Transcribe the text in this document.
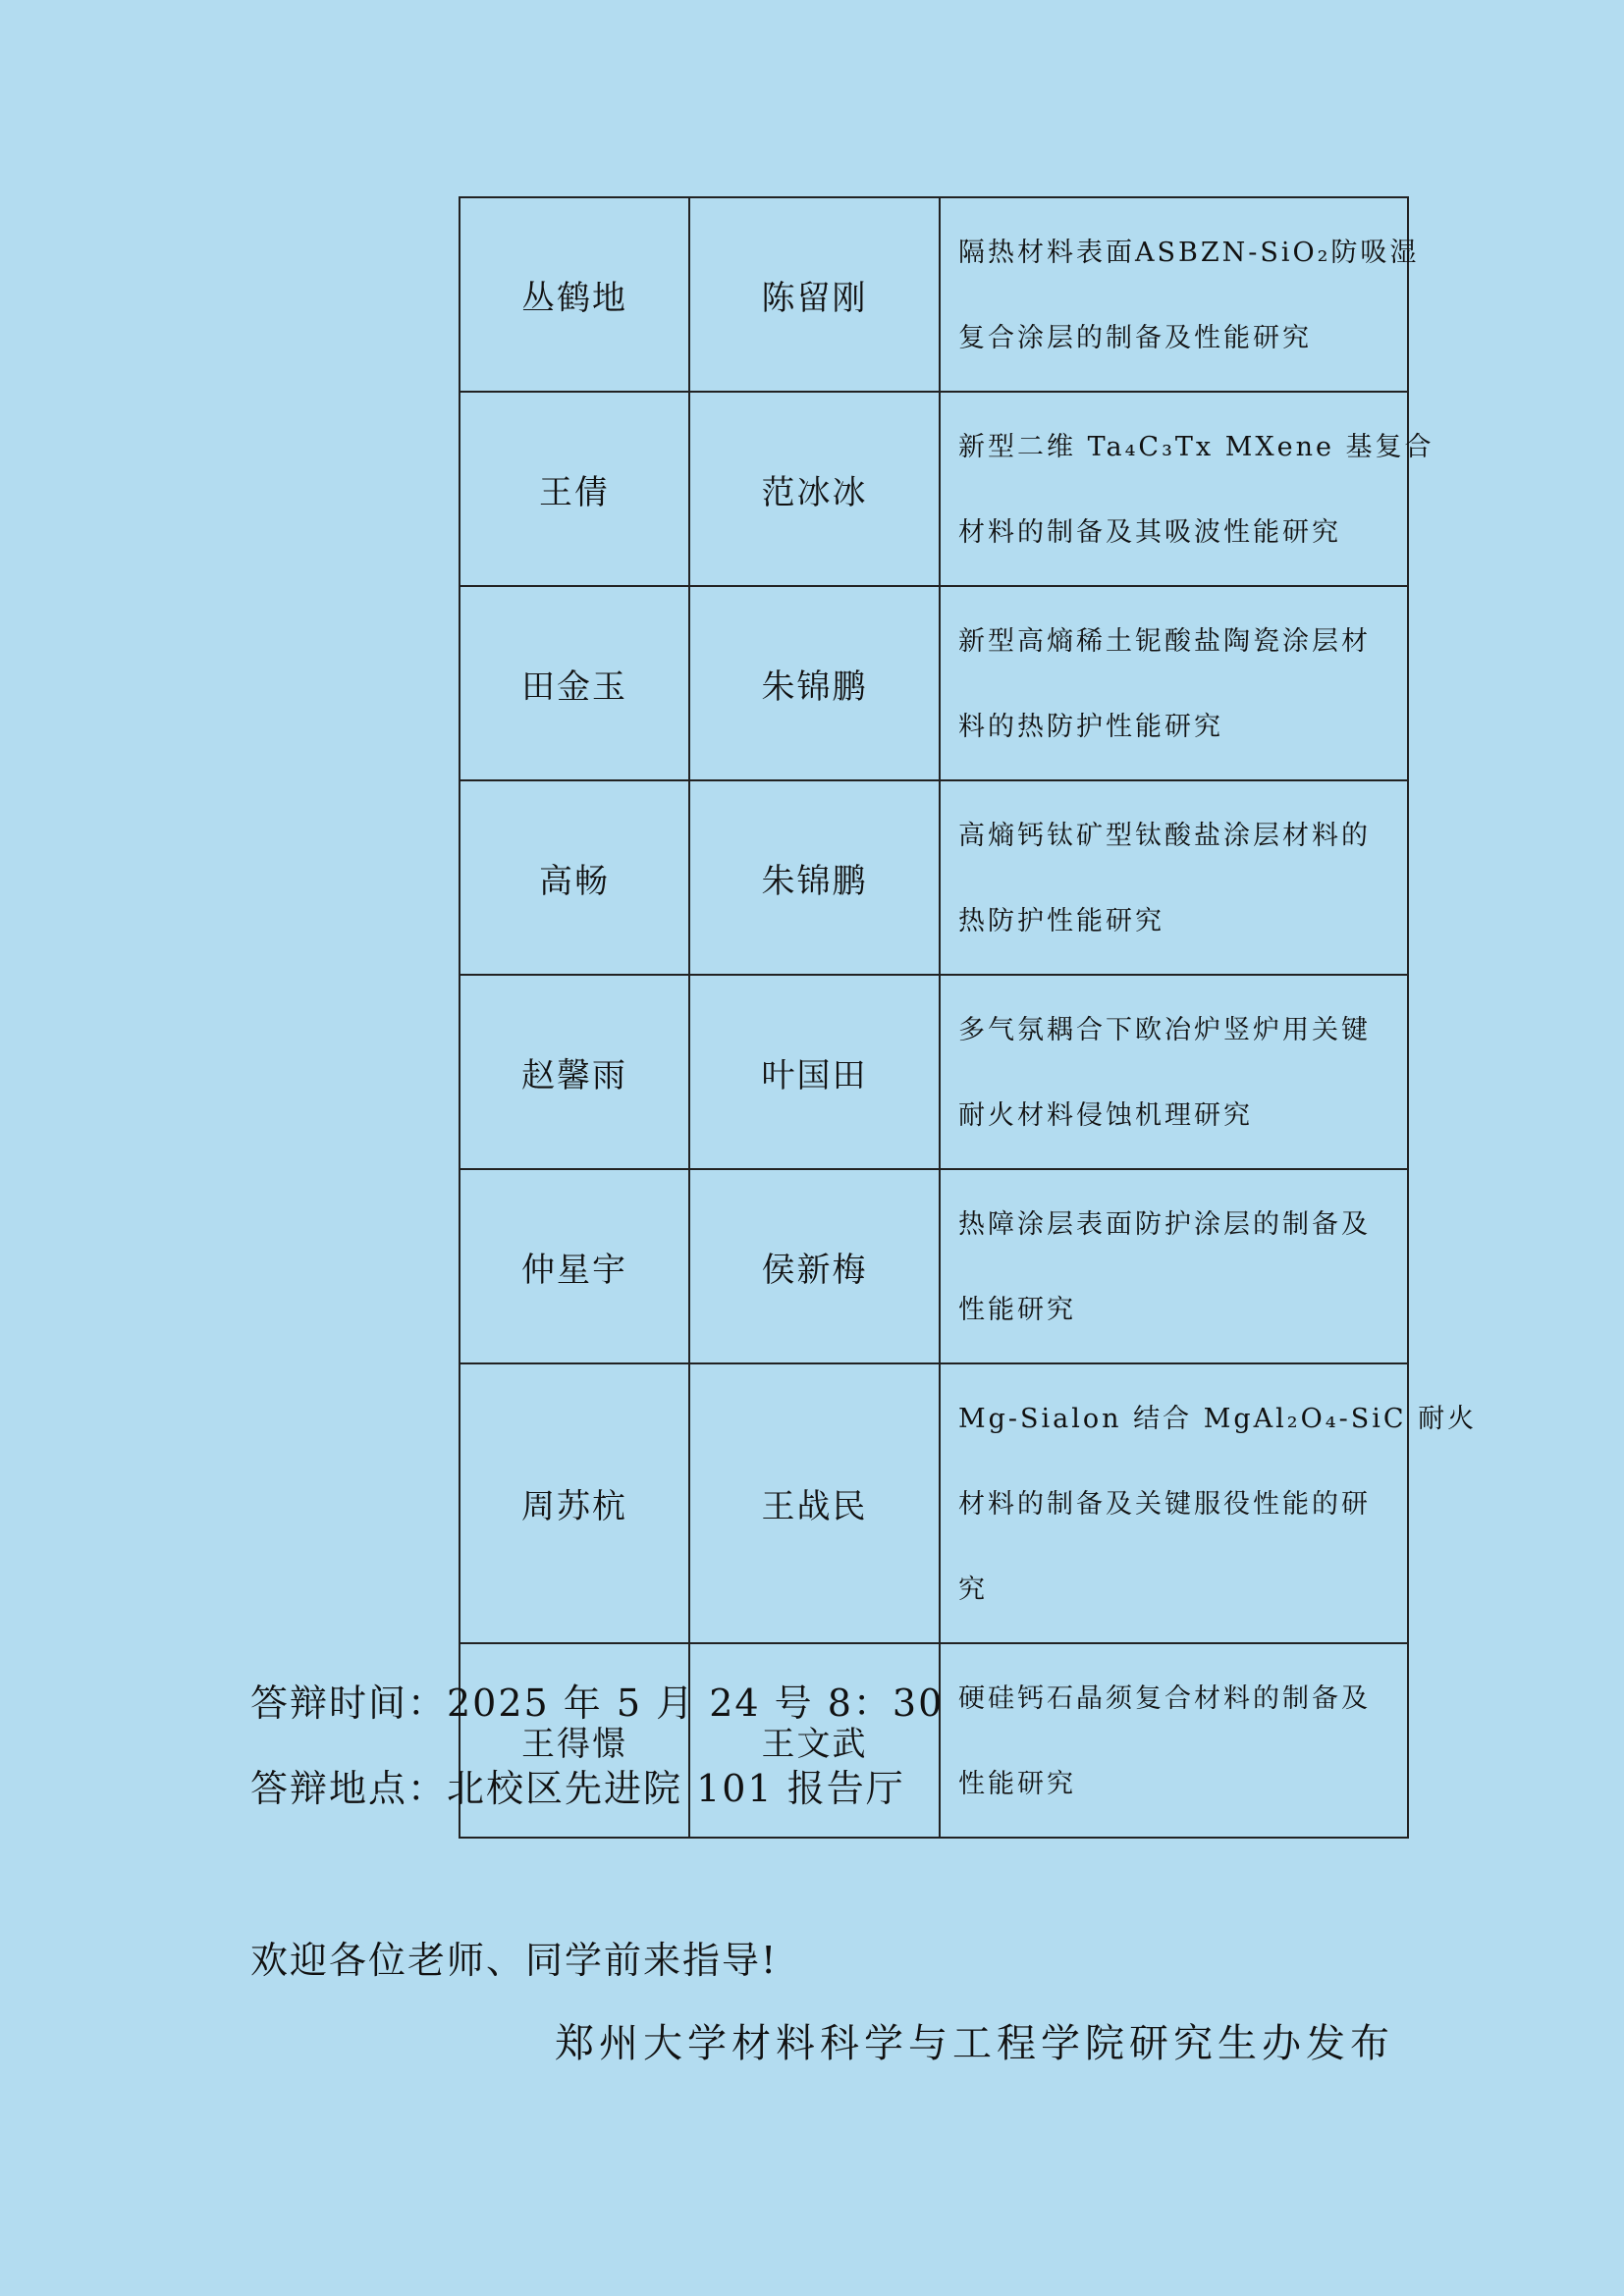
丛鹤地	陈留刚	隔热材料表面ASBZN-SiO₂防吸湿
复合涂层的制备及性能研究

王倩	范冰冰	新型二维 Ta₄C₃Tx MXene 基复合
材料的制备及其吸波性能研究

田金玉	朱锦鹏	新型高熵稀土铌酸盐陶瓷涂层材
料的热防护性能研究

高畅	朱锦鹏	高熵钙钛矿型钛酸盐涂层材料的
热防护性能研究

赵馨雨	叶国田	多气氛耦合下欧冶炉竖炉用关键
耐火材料侵蚀机理研究

仲星宇	侯新梅	热障涂层表面防护涂层的制备及
性能研究

周苏杭	王战民	Mg-Sialon 结合 MgAl₂O₄-SiC 耐火
材料的制备及关键服役性能的研
究

王得憬	王文武	硬硅钙石晶须复合材料的制备及
性能研究
答辩时间：2025 年 5 月 24 号 8：30
答辩地点：北校区先进院 101 报告厅
欢迎各位老师、同学前来指导!
郑州大学材料科学与工程学院研究生办发布
